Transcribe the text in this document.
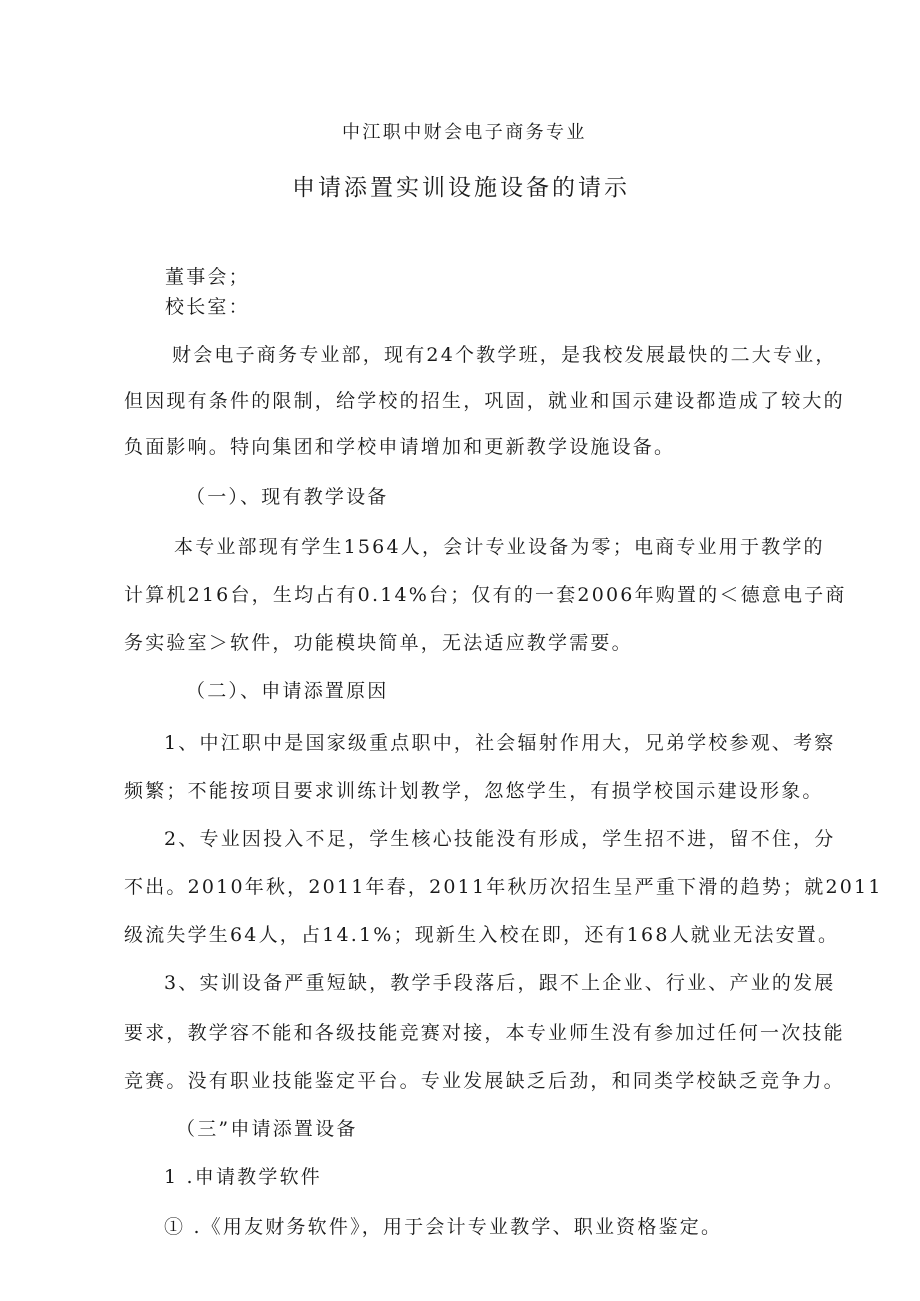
中江职中财会电子商务专业
申请添置实训设施设备的请示
董事会；
校长室：
财会电子商务专业部，现有24个教学班，是我校发展最快的二大专业，
但因现有条件的限制，给学校的招生，巩固，就业和国示建设都造成了较大的
负面影响。特向集团和学校申请增加和更新教学设施设备。
（一）、现有教学设备
本专业部现有学生1564人，会计专业设备为零；电商专业用于教学的
计算机216台，生均占有0.14%台；仅有的一套2006年购置的＜德意电子商
务实验室＞软件，功能模块简单，无法适应教学需要。
（二）、申请添置原因
1、中江职中是国家级重点职中，社会辐射作用大，兄弟学校参观、考察
频繁；不能按项目要求训练计划教学，忽悠学生，有损学校国示建设形象。
2、专业因投入不足，学生核心技能没有形成，学生招不进，留不住，分
不出。2010年秋，2011年春，2011年秋历次招生呈严重下滑的趋势；就2011
级流失学生64人，占14.1%；现新生入校在即，还有168人就业无法安置。
3、实训设备严重短缺，教学手段落后，跟不上企业、行业、产业的发展
要求，教学容不能和各级技能竞赛对接，本专业师生没有参加过任何一次技能
竞赛。没有职业技能鉴定平台。专业发展缺乏后劲，和同类学校缺乏竞争力。
（三”申请添置设备
1 .申请教学软件
① .《用友财务软件》，用于会计专业教学、职业资格鉴定。
